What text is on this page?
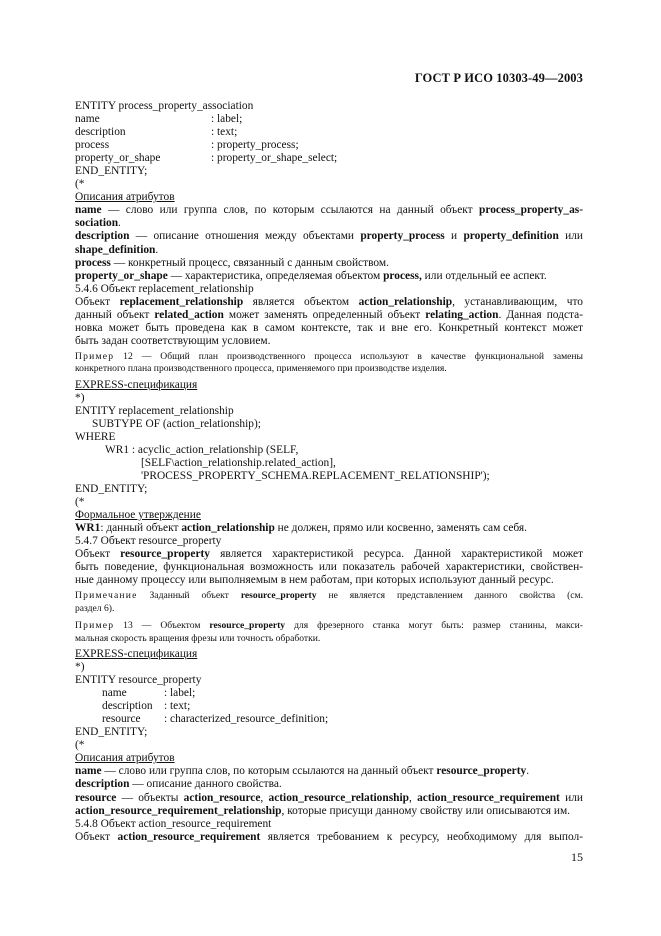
ГОСТ Р ИСО 10303-49—2003
ENTITY process_property_association
name	: label;
description	: text;
process	: property_process;
property_or_shape	: property_or_shape_select;
END_ENTITY;
(*
Описания атрибутов
name — слово или группа слов, по которым ссылаются на данный объект process_property_as-
sociation.
description — описание отношения между объектами property_process и property_definition или
shape_definition.
process — конкретный процесс, связанный с данным свойством.
property_or_shape — характеристика, определяемая объектом process, или отдельный ее аспект.
5.4.6 Объект replacement_relationship
Объект replacement_relationship является объектом action_relationship, устанавливающим, что
данный объект related_action может заменять определенный объект relating_action. Данная подста-
новка может быть проведена как в самом контексте, так и вне его. Конкретный контекст может
быть задан соответствующим условием.
Пример 12 — Общий план производственного процесса используют в качестве функциональной замены
конкретного плана производственного процесса, применяемого при производстве изделия.
EXPRESS-спецификация
*)
ENTITY replacement_relationship
SUBTYPE OF (action_relationship);
WHERE
WR1 : acyclic_action_relationship (SELF,
[SELF\action_relationship.related_action],
'PROCESS_PROPERTY_SCHEMA.REPLACEMENT_RELATIONSHIP');
END_ENTITY;
(*
Формальное утверждение
WR1: данный объект action_relationship не должен, прямо или косвенно, заменять сам себя.
5.4.7 Объект resource_property
Объект resource_property является характеристикой ресурса. Данной характеристикой может
быть поведение, функциональная возможность или показатель рабочей характеристики, свойствен-
ные данному процессу или выполняемым в нем работам, при которых используют данный ресурс.
Примечание Заданный объект resource_property не является представлением данного свойства (см.
раздел 6).
Пример 13 — Объектом resource_property для фрезерного станка могут быть: размер станины, макси-
мальная скорость вращения фрезы или точность обработки.
EXPRESS-спецификация
*)
ENTITY resource_property
name	: label;
description : text;
resource : characterized_resource_definition;
END_ENTITY;
(*
Описания атрибутов
name — слово или группа слов, по которым ссылаются на данный объект resource_property.
description — описание данного свойства.
resource — объекты action_resource, action_resource_relationship, action_resource_requirement или
action_resource_requirement_relationship, которые присущи данному свойству или описываются им.
5.4.8 Объект action_resource_requirement
Объект action_resource_requirement является требованием к ресурсу, необходимому для выпол-
15
